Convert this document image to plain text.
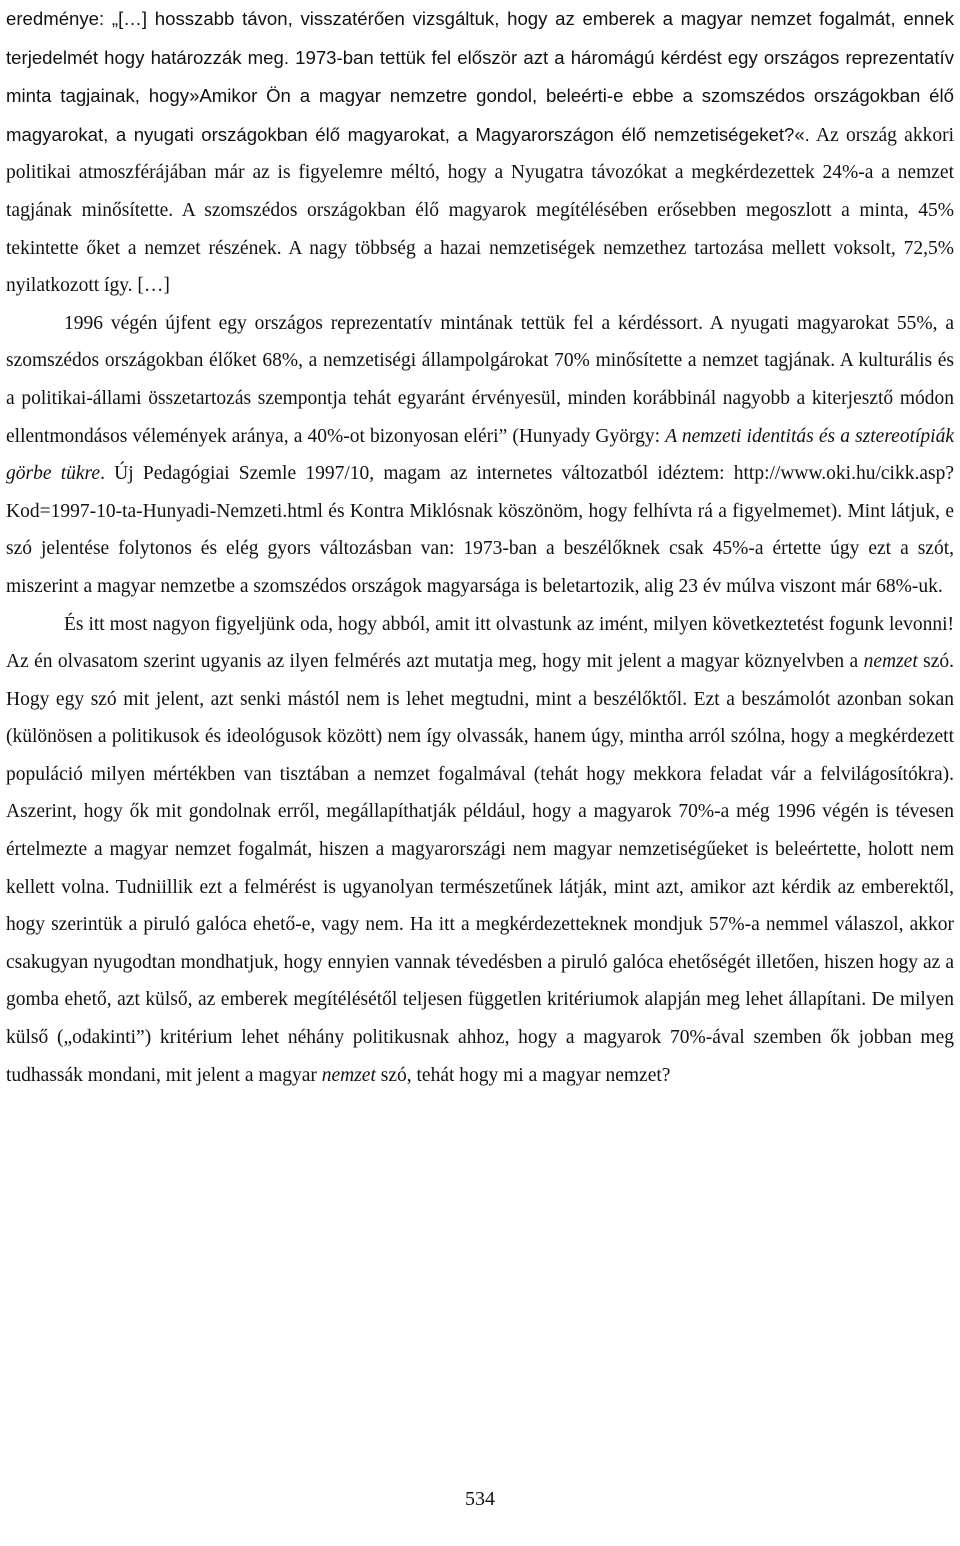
eredménye: „[…] hosszabb távon, visszatérően vizsgáltuk, hogy az emberek a magyar nemzet fogalmát, ennek terjedelmét hogy határozzák meg. 1973-ban tettük fel először azt a háromágú kérdést egy országos reprezentatív minta tagjainak, hogy»Amikor Ön a magyar nemzetre gondol, beleérti-e ebbe a szomszédos országokban élő magyarokat, a nyugati országokban élő magyarokat, a Magyarországon élő nemzetiségeket?«. Az ország akkori politikai atmoszférájában már az is figyelemre méltó, hogy a Nyugatra távozókat a megkérdezettek 24%-a a nemzet tagjának minősítette. A szomszédos országokban élő magyarok megítélésében erősebben megoszlott a minta, 45% tekintette őket a nemzet részének. A nagy többség a hazai nemzetiségek nemzethez tartozása mellett voksolt, 72,5% nyilatkozott így. […]

1996 végén újfent egy országos reprezentatív mintának tettük fel a kérdéssort. A nyugati magyarokat 55%, a szomszédos országokban élőket 68%, a nemzetiségi állampolgárokat 70% minősítette a nemzet tagjának. A kulturális és a politikai-állami összetartozás szempontja tehát egyaránt érvényesül, minden korábbinál nagyobb a kiterjesztő módon ellentmondásos vélemények aránya, a 40%-ot bizonyosan eléri” (Hunyady György: A nemzeti identitás és a sztereotípiák görbe tükre. Új Pedagógiai Szemle 1997/10, magam az internetes változatból idéztem: http://www.oki.hu/cikk.asp?Kod=1997-10-ta-Hunyadi-Nemzeti.html és Kontra Miklósnak köszönöm, hogy felhívta rá a figyelmemet). Mint látjuk, e szó jelentése folytonos és elég gyors változásban van: 1973-ban a beszélőknek csak 45%-a értette úgy ezt a szót, miszerint a magyar nemzetbe a szomszédos országok magyarsága is beletartozik, alig 23 év múlva viszont már 68%-uk.

És itt most nagyon figyeljünk oda, hogy abból, amit itt olvastunk az imént, milyen következtetést fogunk levonni! Az én olvasatom szerint ugyanis az ilyen felmérés azt mutatja meg, hogy mit jelent a magyar köznyelvben a nemzet szó. Hogy egy szó mit jelent, azt senki mástól nem is lehet megtudni, mint a beszélőktől. Ezt a beszámolót azonban sokan (különösen a politikusok és ideológusok között) nem így olvassák, hanem úgy, mintha arról szólna, hogy a megkérdezett populáció milyen mértékben van tisztában a nemzet fogalmával (tehát hogy mekkora feladat vár a felvilágosítókra). Aszerint, hogy ők mit gondolnak erről, megállapíthatják például, hogy a magyarok 70%-a még 1996 végén is tévesen értelmezte a magyar nemzet fogalmát, hiszen a magyarországi nem magyar nemzetiségűeket is beleértette, holott nem kellett volna. Tudniillik ezt a felmérést is ugyanolyan természetűnek látják, mint azt, amikor azt kérdik az emberektől, hogy szerintük a piruló galóca ehető-e, vagy nem. Ha itt a megkérdezetteknek mondjuk 57%-a nemmel válaszol, akkor csakugyan nyugodtan mondhatjuk, hogy ennyien vannak tévedésben a piruló galóca ehetőségét illetően, hiszen hogy az a gomba ehető, azt külső, az emberek megítélésétől teljesen független kritériumok alapján meg lehet állapítani. De milyen külső („odakinti”) kritérium lehet néhány politikusnak ahhoz, hogy a magyarok 70%-ával szemben ők jobban meg tudhassák mondani, mit jelent a magyar nemzet szó, tehát hogy mi a magyar nemzet?

534
